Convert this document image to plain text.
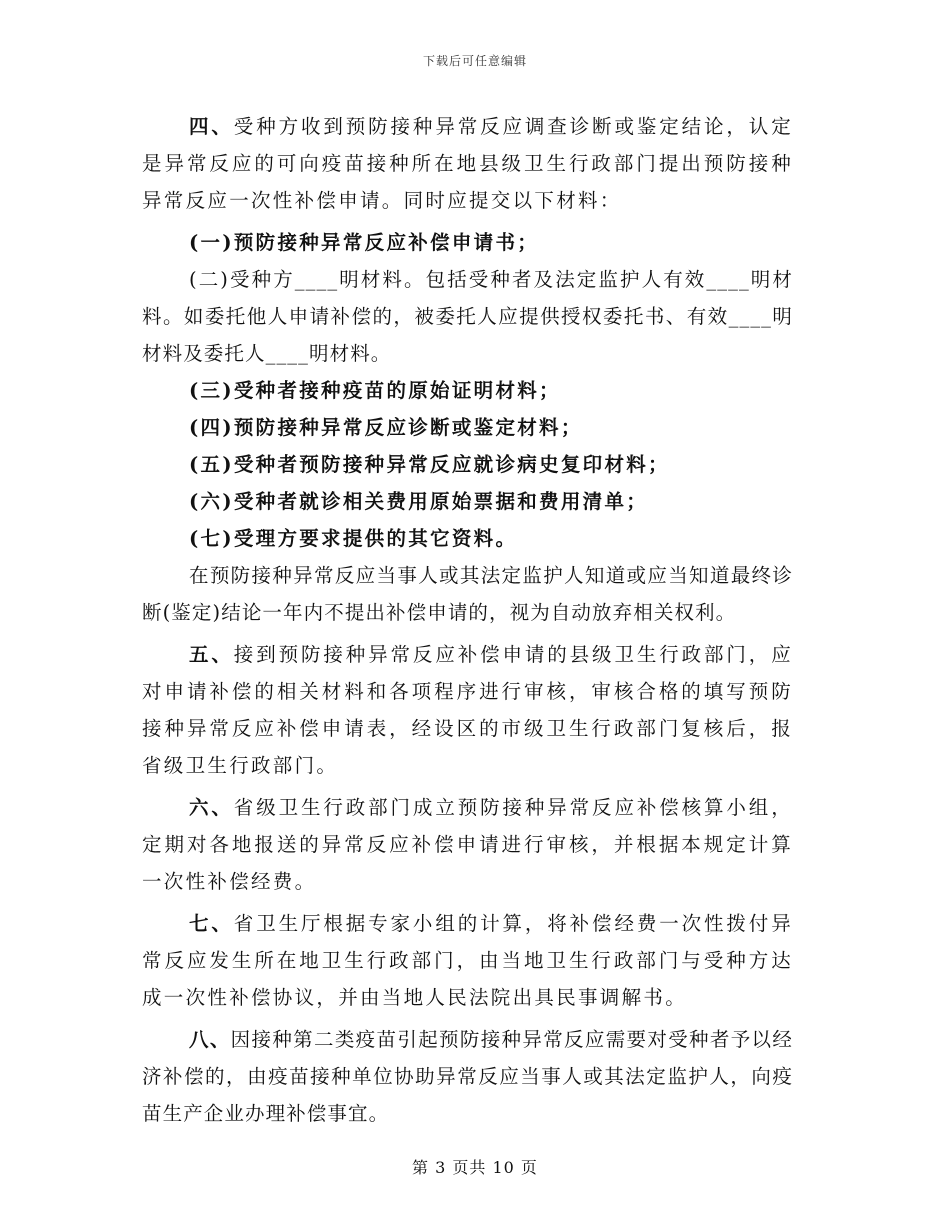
下载后可任意编辑

四、受种方收到预防接种异常反应调查诊断或鉴定结论，认定是异常反应的可向疫苗接种所在地县级卫生行政部门提出预防接种异常反应一次性补偿申请。同时应提交以下材料：

(一)预防接种异常反应补偿申请书；

(二)受种方____明材料。包括受种者及法定监护人有效____明材料。如委托他人申请补偿的，被委托人应提供授权委托书、有效____明材料及委托人____明材料。

(三)受种者接种疫苗的原始证明材料；

(四)预防接种异常反应诊断或鉴定材料；

(五)受种者预防接种异常反应就诊病史复印材料；

(六)受种者就诊相关费用原始票据和费用清单；

(七)受理方要求提供的其它资料。

在预防接种异常反应当事人或其法定监护人知道或应当知道最终诊断(鉴定)结论一年内不提出补偿申请的，视为自动放弃相关权利。

五、接到预防接种异常反应补偿申请的县级卫生行政部门，应对申请补偿的相关材料和各项程序进行审核，审核合格的填写预防接种异常反应补偿申请表，经设区的市级卫生行政部门复核后，报省级卫生行政部门。

六、省级卫生行政部门成立预防接种异常反应补偿核算小组，定期对各地报送的异常反应补偿申请进行审核，并根据本规定计算一次性补偿经费。

七、省卫生厅根据专家小组的计算，将补偿经费一次性拨付异常反应发生所在地卫生行政部门，由当地卫生行政部门与受种方达成一次性补偿协议，并由当地人民法院出具民事调解书。

八、因接种第二类疫苗引起预防接种异常反应需要对受种者予以经济补偿的，由疫苗接种单位协助异常反应当事人或其法定监护人，向疫苗生产企业办理补偿事宜。

第 3 页共 10 页
